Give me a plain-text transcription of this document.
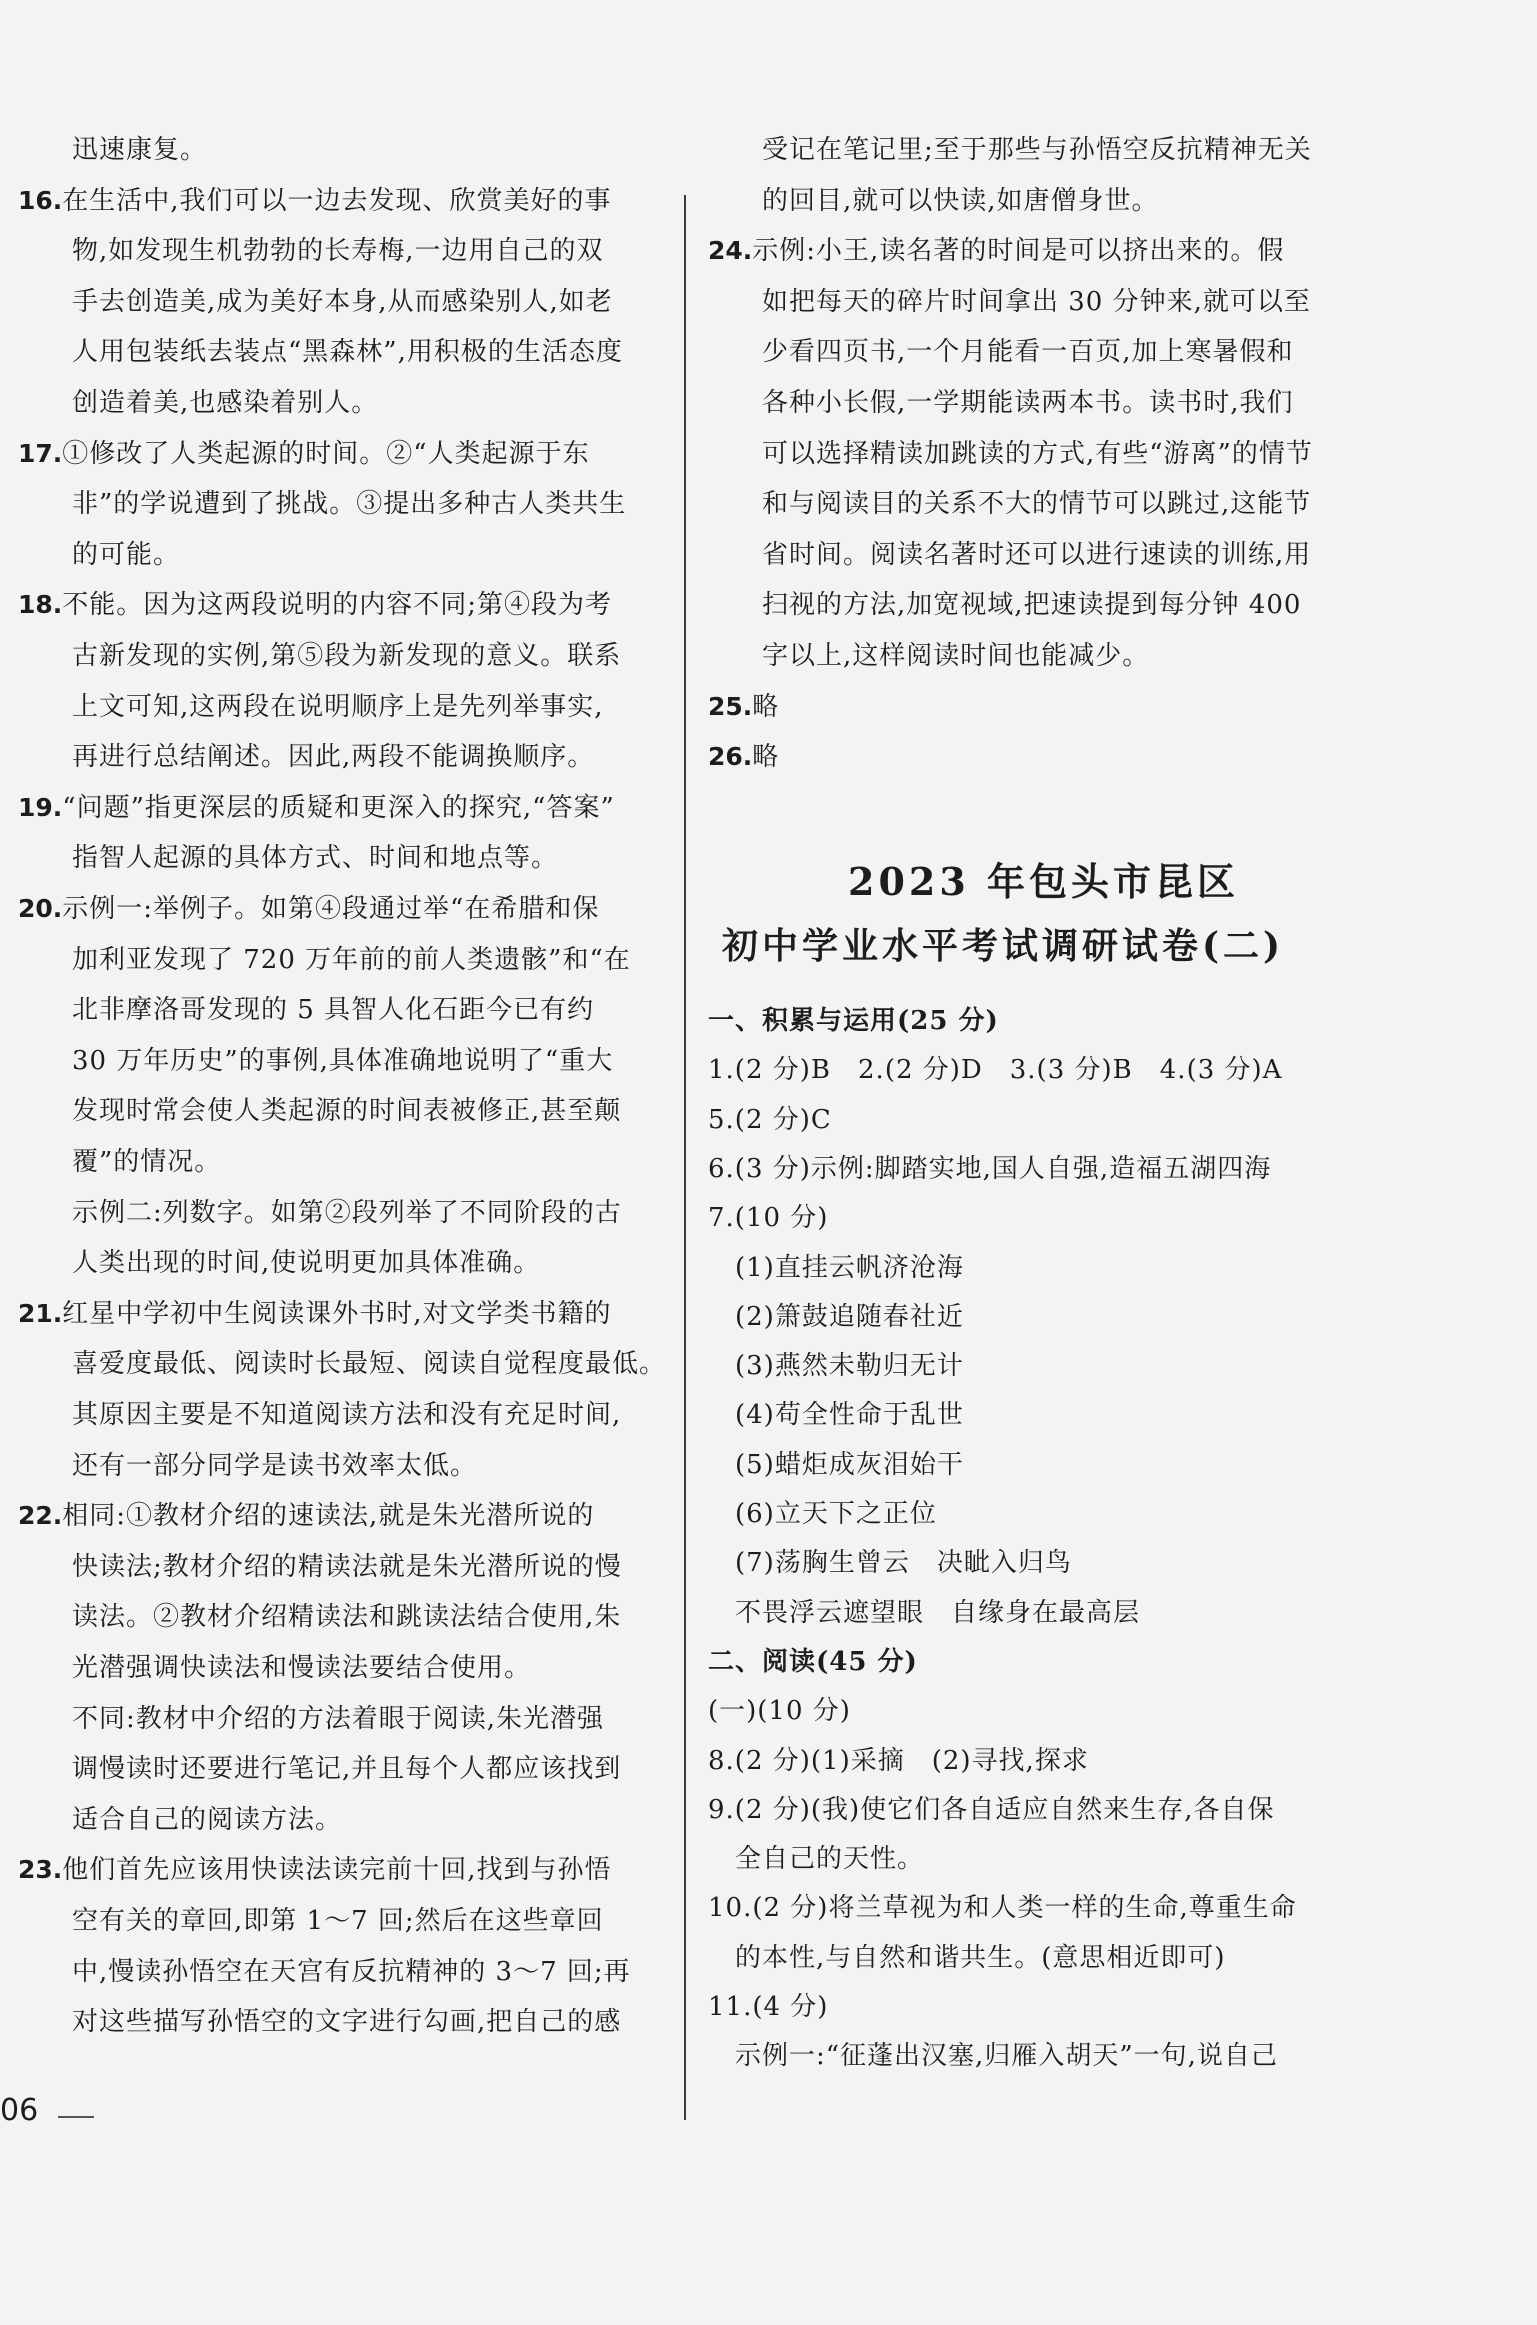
迅速康复。
16.在生活中,我们可以一边去发现、欣赏美好的事
物,如发现生机勃勃的长寿梅,一边用自己的双
手去创造美,成为美好本身,从而感染别人,如老
人用包装纸去装点“黑森林”,用积极的生活态度
创造着美,也感染着别人。
17.①修改了人类起源的时间。②“人类起源于东
非”的学说遭到了挑战。③提出多种古人类共生
的可能。
18.不能。因为这两段说明的内容不同;第④段为考
古新发现的实例,第⑤段为新发现的意义。联系
上文可知,这两段在说明顺序上是先列举事实,
再进行总结阐述。因此,两段不能调换顺序。
19.“问题”指更深层的质疑和更深入的探究,“答案”
指智人起源的具体方式、时间和地点等。
20.示例一:举例子。如第④段通过举“在希腊和保
加利亚发现了 720 万年前的前人类遗骸”和“在
北非摩洛哥发现的 5 具智人化石距今已有约
30 万年历史”的事例,具体准确地说明了“重大
发现时常会使人类起源的时间表被修正,甚至颠
覆”的情况。
示例二:列数字。如第②段列举了不同阶段的古
人类出现的时间,使说明更加具体准确。
21.红星中学初中生阅读课外书时,对文学类书籍的
喜爱度最低、阅读时长最短、阅读自觉程度最低。
其原因主要是不知道阅读方法和没有充足时间,
还有一部分同学是读书效率太低。
22.相同:①教材介绍的速读法,就是朱光潜所说的
快读法;教材介绍的精读法就是朱光潜所说的慢
读法。②教材介绍精读法和跳读法结合使用,朱
光潜强调快读法和慢读法要结合使用。
不同:教材中介绍的方法着眼于阅读,朱光潜强
调慢读时还要进行笔记,并且每个人都应该找到
适合自己的阅读方法。
23.他们首先应该用快读法读完前十回,找到与孙悟
空有关的章回,即第 1～7 回;然后在这些章回
中,慢读孙悟空在天宫有反抗精神的 3～7 回;再
对这些描写孙悟空的文字进行勾画,把自己的感
受记在笔记里;至于那些与孙悟空反抗精神无关
的回目,就可以快读,如唐僧身世。
24.示例:小王,读名著的时间是可以挤出来的。假
如把每天的碎片时间拿出 30 分钟来,就可以至
少看四页书,一个月能看一百页,加上寒暑假和
各种小长假,一学期能读两本书。读书时,我们
可以选择精读加跳读的方式,有些“游离”的情节
和与阅读目的关系不大的情节可以跳过,这能节
省时间。阅读名著时还可以进行速读的训练,用
扫视的方法,加宽视域,把速读提到每分钟 400
字以上,这样阅读时间也能减少。
25.略
26.略
一、积累与运用(25 分)
1.(2 分)B　2.(2 分)D　3.(3 分)B　4.(3 分)A
5.(2 分)C
6.(3 分)示例:脚踏实地,国人自强,造福五湖四海
7.(10 分)
　(1)直挂云帆济沧海
　(2)箫鼓追随春社近
　(3)燕然未勒归无计
　(4)苟全性命于乱世
　(5)蜡炬成灰泪始干
　(6)立天下之正位
　(7)荡胸生曾云　决眦入归鸟
　不畏浮云遮望眼　自缘身在最高层
二、阅读(45 分)
(一)(10 分)
8.(2 分)(1)采摘　(2)寻找,探求
9.(2 分)(我)使它们各自适应自然来生存,各自保
　全自己的天性。
10.(2 分)将兰草视为和人类一样的生命,尊重生命
　的本性,与自然和谐共生。(意思相近即可)
11.(4 分)
　示例一:“征蓬出汉塞,归雁入胡天”一句,说自己
2023 年包头市昆区
初中学业水平考试调研试卷(二)
06
